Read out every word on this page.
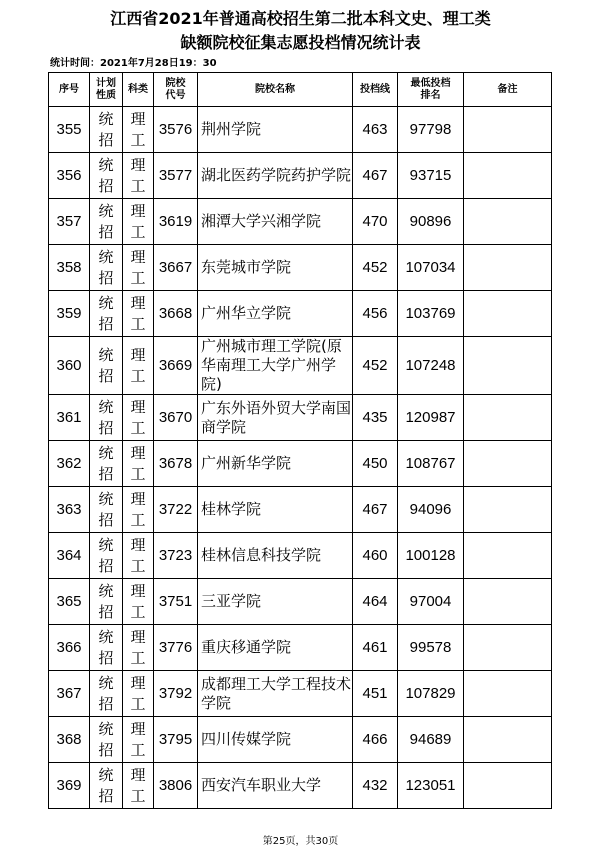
江西省2021年普通高校招生第二批本科文史、理工类
缺额院校征集志愿投档情况统计表
统计时间：2021年7月28日19：30
序号	计划性质	科类	院校代号	院校名称	投档线	最低投档排名	备注
355	统招	理工	3576	荆州学院	463	97798	
356	统招	理工	3577	湖北医药学院药护学院	467	93715	
357	统招	理工	3619	湘潭大学兴湘学院	470	90896	
358	统招	理工	3667	东莞城市学院	452	107034	
359	统招	理工	3668	广州华立学院	456	103769	
360	统招	理工	3669	广州城市理工学院(原华南理工大学广州学院)	452	107248	
361	统招	理工	3670	广东外语外贸大学南国商学院	435	120987	
362	统招	理工	3678	广州新华学院	450	108767	
363	统招	理工	3722	桂林学院	467	94096	
364	统招	理工	3723	桂林信息科技学院	460	100128	
365	统招	理工	3751	三亚学院	464	97004	
366	统招	理工	3776	重庆移通学院	461	99578	
367	统招	理工	3792	成都理工大学工程技术学院	451	107829	
368	统招	理工	3795	四川传媒学院	466	94689	
369	统招	理工	3806	西安汽车职业大学	432	123051	
第25页，共30页
